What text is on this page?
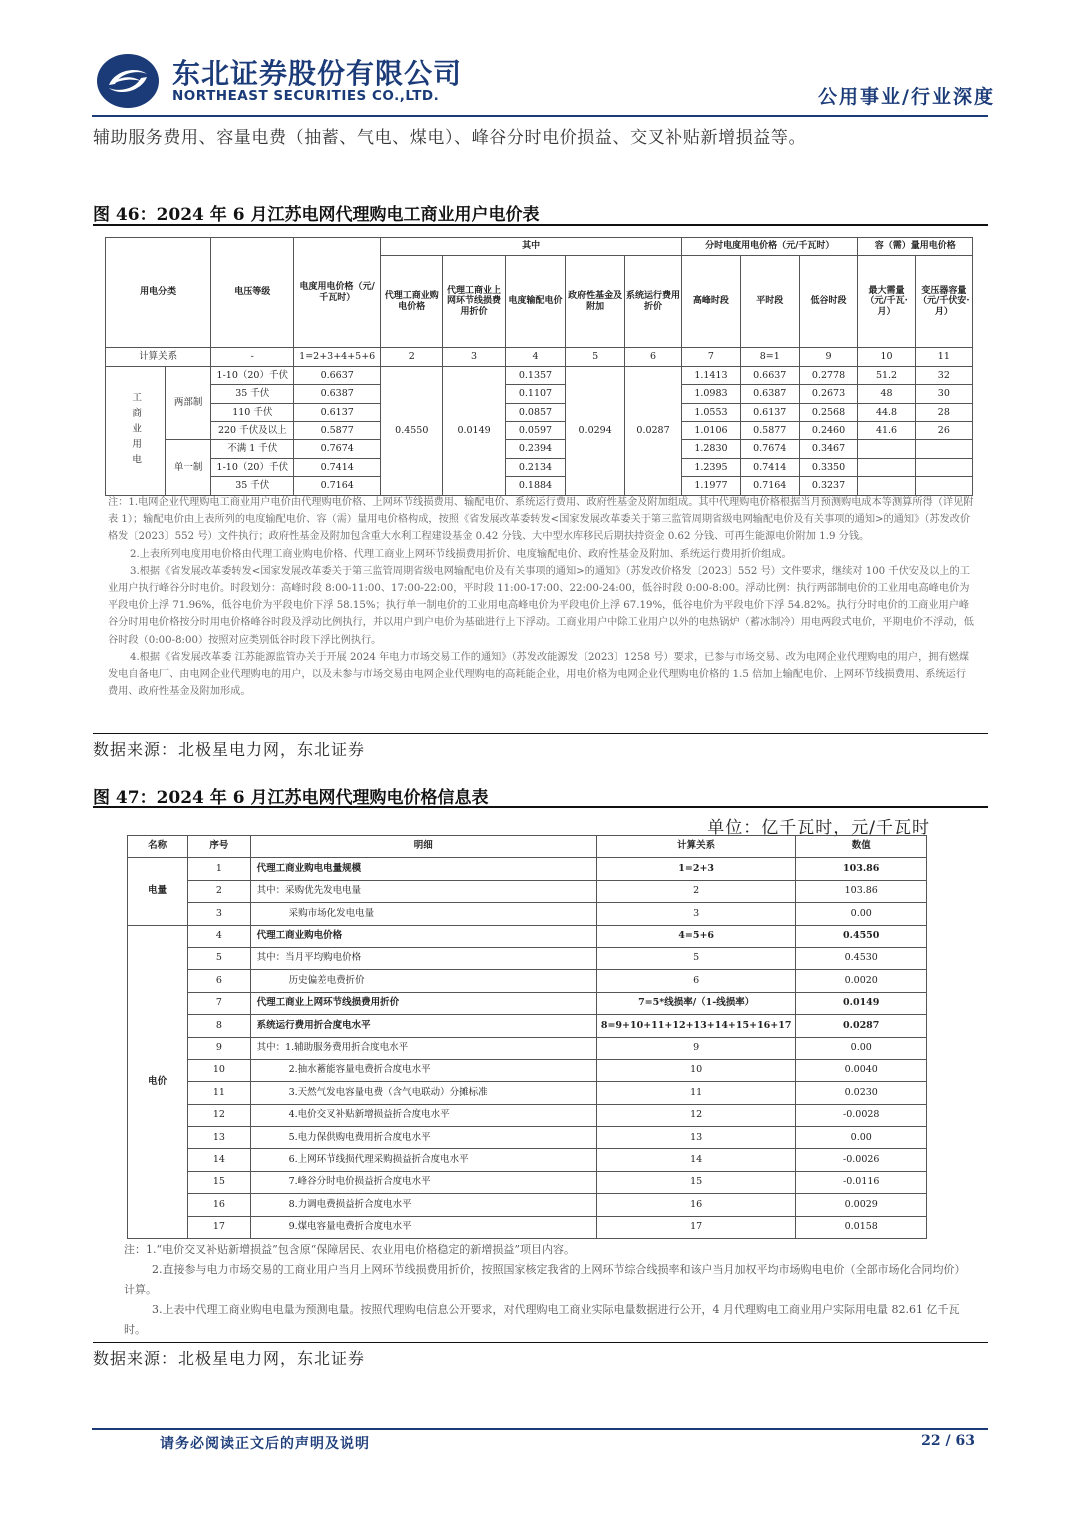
东北证券股份有限公司
NORTHEAST SECURITIES CO.,LTD.	公用事业/行业深度
辅助服务费用、容量电费（抽蓄、气电、煤电）、峰谷分时电价损益、交叉补贴新增损益等。
图 46：2024 年 6 月江苏电网代理购电工商业用户电价表
用电分类		电压等级	电度用电价格（元/千瓦时）	其中					分时电度用电价格（元/千瓦时）			容（需）量用电价格	
				代理工商业购电价格	代理工商业上网环节线损费用折价	电度输配电价	政府性基金及附加	系统运行费用折价	高峰时段	平时段	低谷时段	最大需量（元/千瓦·月）	变压器容量（元/千伏安·月）
计算关系		-	1=2+3+4+5+6	2	3	4	5	6	7	8=1	9	10	11
工商业用电	两部制	1-10（20）千伏	0.6637	0.4550	0.0149	0.1357	0.0294	0.0287	1.1413	0.6637	0.2778	51.2	32
		35 千伏	0.6387			0.1107			1.0983	0.6387	0.2673	48	30
		110 千伏	0.6137			0.0857			1.0553	0.6137	0.2568	44.8	28
		220 千伏及以上	0.5877			0.0597			1.0106	0.5877	0.2460	41.6	26
	单一制	不满 1 千伏	0.7674			0.2394			1.2830	0.7674	0.3467		
		1-10（20）千伏	0.7414			0.2134			1.2395	0.7414	0.3350		
		35 千伏	0.7164			0.1884			1.1977	0.7164	0.3237		

注：1.电网企业代理购电工商业用户电价由代理购电价格、上网环节线损费用、输配电价、系统运行费用、政府性基金及附加组成。其中代理购电价格根据当月预测购电成本等测算所得（详见附表 1）；输配电价由上表所列的电度输配电价、容（需）量用电价格构成，按照《省发展改革委转发<国家发展改革委关于第三监管周期省级电网输配电价及有关事项的通知>的通知》（苏发改价格发〔2023〕552 号）文件执行；政府性基金及附加包含重大水利工程建设基金 0.42 分钱、大中型水库移民后期扶持资金 0.62 分钱、可再生能源电价附加 1.9 分钱。

2.上表所列电度用电价格由代理工商业购电价格、代理工商业上网环节线损费用折价、电度输配电价、政府性基金及附加、系统运行费用折价组成。

3.根据《省发展改革委转发<国家发展改革委关于第三监管周期省级电网输配电价及有关事项的通知>的通知》（苏发改价格发〔2023〕552 号）文件要求，继续对 100 千伏安及以上的工业用户执行峰谷分时电价。时段划分：高峰时段 8:00-11:00、17:00-22:00，平时段 11:00-17:00、22:00-24:00，低谷时段 0:00-8:00。浮动比例：执行两部制电价的工业用电高峰电价为平段电价上浮 71.96%，低谷电价为平段电价下浮 58.15%；执行单一制电价的工业用电高峰电价为平段电价上浮 67.19%，低谷电价为平段电价下浮 54.82%。执行分时电价的工商业用户峰谷分时用电价格按分时用电价格峰谷时段及浮动比例执行，并以用户到户电价为基础进行上下浮动。工商业用户中除工业用户以外的电热锅炉（蓄冰制冷）用电两段式电价，平期电价不浮动，低谷时段（0:00-8:00）按照对应类别低谷时段下浮比例执行。

4.根据《省发展改革委 江苏能源监管办关于开展 2024 年电力市场交易工作的通知》（苏发改能源发〔2023〕1258 号）要求，已参与市场交易、改为电网企业代理购电的用户，拥有燃煤发电自备电厂、由电网企业代理购电的用户，以及未参与市场交易由电网企业代理购电的高耗能企业，用电价格为电网企业代理购电价格的 1.5 倍加上输配电价、上网环节线损费用、系统运行费用、政府性基金及附加形成。

数据来源：北极星电力网，东北证券
图 47：2024 年 6 月江苏电网代理购电价格信息表
单位：亿千瓦时，元/千瓦时
名称	序号	明细	计算关系	数值
电量	1	代理工商业购电电量规模	1=2+3	103.86
	2	其中：采购优先发电电量	2	103.86
	3	采购市场化发电电量	3	0.00
电价	4	代理工商业购电价格	4=5+6	0.4550
	5	其中：当月平均购电价格	5	0.4530
	6	历史偏差电费折价	6	0.0020
	7	代理工商业上网环节线损费用折价	7=5*线损率/（1-线损率）	0.0149
	8	系统运行费用折合度电水平	8=9+10+11+12+13+14+15+16+17	0.0287
	9	其中：1.辅助服务费用折合度电水平	9	0.00
	10	2.抽水蓄能容量电费折合度电水平	10	0.0040
	11	3.天然气发电容量电费（含气电联动）分摊标准	11	0.0230
	12	4.电价交叉补贴新增损益折合度电水平	12	-0.0028
	13	5.电力保供购电费用折合度电水平	13	0.00
	14	6.上网环节线损代理采购损益折合度电水平	14	-0.0026
	15	7.峰谷分时电价损益折合度电水平	15	-0.0116
	16	8.力调电费损益折合度电水平	16	0.0029
	17	9.煤电容量电费折合度电水平	17	0.0158

注：1.“电价交叉补贴新增损益”包含原“保障居民、农业用电价格稳定的新增损益”项目内容。

2.直接参与电力市场交易的工商业用户当月上网环节线损费用折价，按照国家核定我省的上网环节综合线损率和该户当月加权平均市场购电电价（全部市场化合同均价）计算。

3.上表中代理工商业购电电量为预测电量。按照代理购电信息公开要求，对代理购电工商业实际电量数据进行公开，4 月代理购电工商业用户实际用电量 82.61 亿千瓦时。

数据来源：北极星电力网，东北证券
请务必阅读正文后的声明及说明	22 / 63
